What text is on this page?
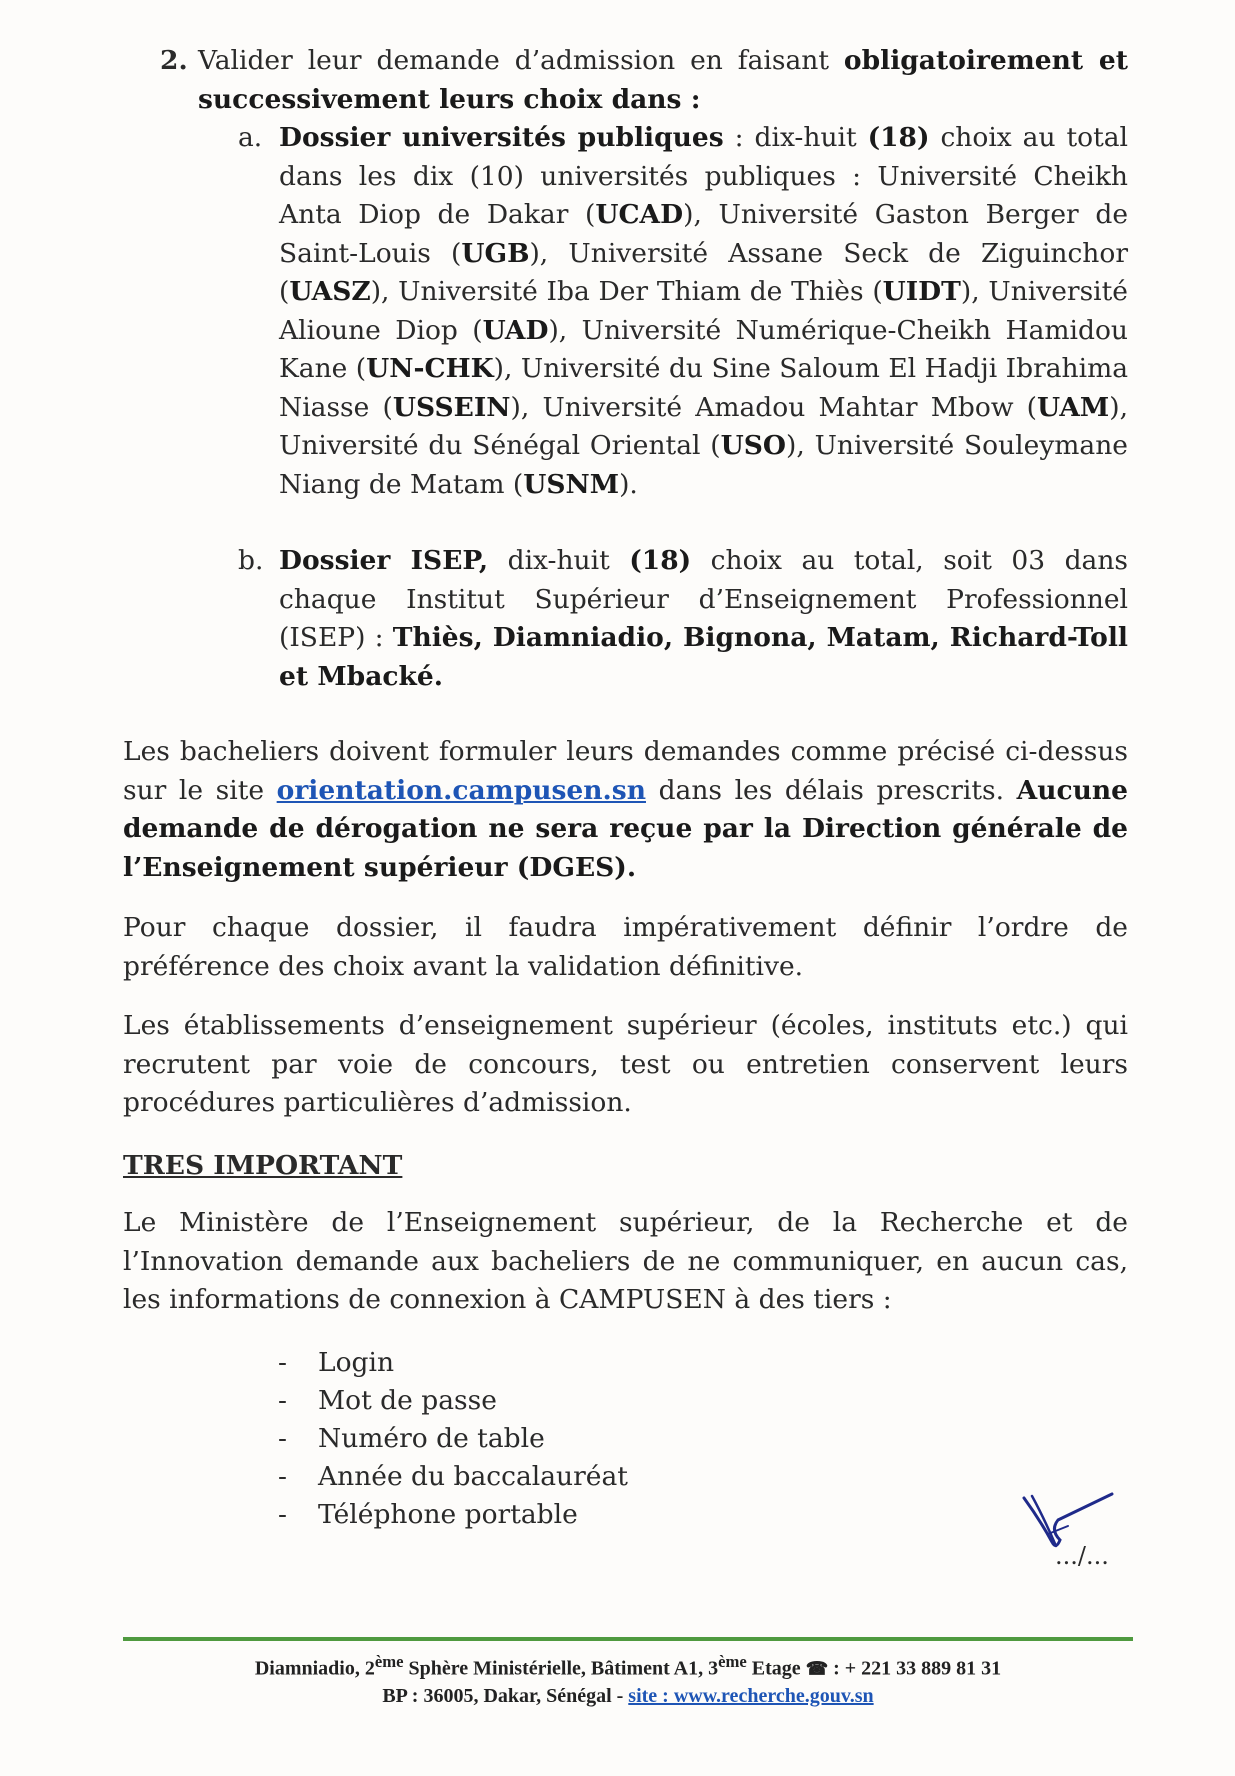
2. Valider leur demande d’admission en faisant obligatoirement et successivement leurs choix dans :
a. Dossier universités publiques : dix-huit (18) choix au total dans les dix (10) universités publiques : Université Cheikh Anta Diop de Dakar (UCAD), Université Gaston Berger de Saint-Louis (UGB), Université Assane Seck de Ziguinchor (UASZ), Université Iba Der Thiam de Thiès (UIDT), Université Alioune Diop (UAD), Université Numérique-Cheikh Hamidou Kane (UN-CHK), Université du Sine Saloum El Hadji Ibrahima Niasse (USSEIN), Université Amadou Mahtar Mbow (UAM), Université du Sénégal Oriental (USO), Université Souleymane Niang de Matam (USNM).
b. Dossier ISEP, dix-huit (18) choix au total, soit 03 dans chaque Institut Supérieur d’Enseignement Professionnel (ISEP) : Thiès, Diamniadio, Bignona, Matam, Richard-Toll et Mbacké.
Les bacheliers doivent formuler leurs demandes comme précisé ci-dessus sur le site orientation.campusen.sn dans les délais prescrits. Aucune demande de dérogation ne sera reçue par la Direction générale de l’Enseignement supérieur (DGES).
Pour chaque dossier, il faudra impérativement définir l’ordre de préférence des choix avant la validation définitive.
Les établissements d’enseignement supérieur (écoles, instituts etc.) qui recrutent par voie de concours, test ou entretien conservent leurs procédures particulières d’admission.
TRES IMPORTANT
Le Ministère de l’Enseignement supérieur, de la Recherche et de l’Innovation demande aux bacheliers de ne communiquer, en aucun cas, les informations de connexion à CAMPUSEN à des tiers :
- Login
- Mot de passe
- Numéro de table
- Année du baccalauréat
- Téléphone portable
.../...
Diamniadio, 2ème Sphère Ministérielle, Bâtiment A1, 3ème Etage ☎ : + 221 33 889 81 31
BP : 36005, Dakar, Sénégal - site : www.recherche.gouv.sn
